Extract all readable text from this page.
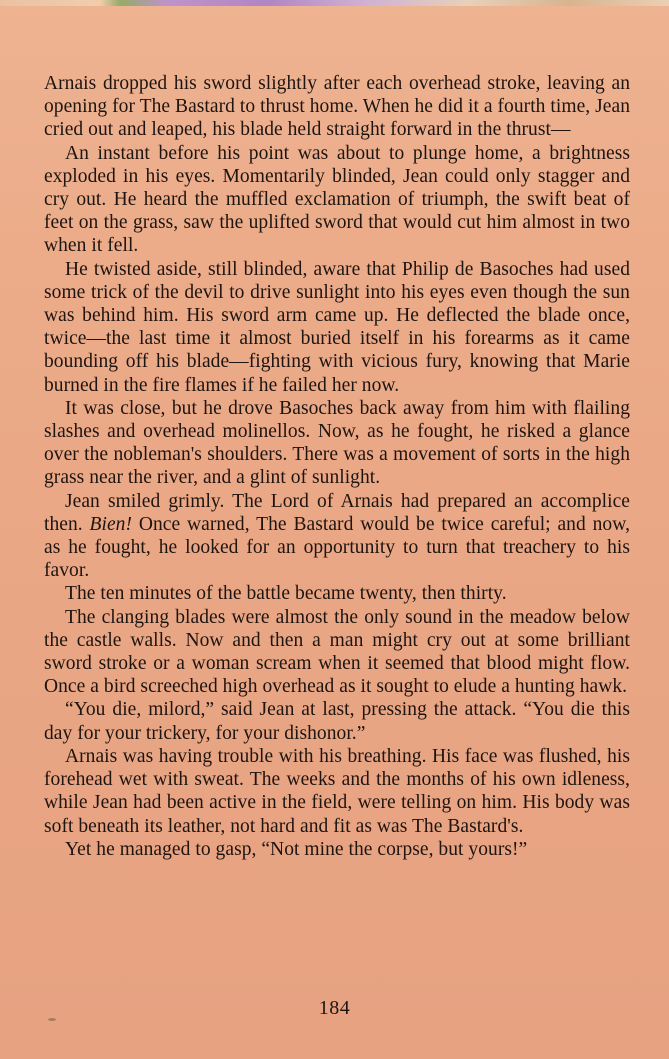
Arnais dropped his sword slightly after each overhead stroke, leaving an opening for The Bastard to thrust home. When he did it a fourth time, Jean cried out and leaped, his blade held straight forward in the thrust—

An instant before his point was about to plunge home, a brightness exploded in his eyes. Momentarily blinded, Jean could only stagger and cry out. He heard the muffled exclamation of triumph, the swift beat of feet on the grass, saw the uplifted sword that would cut him almost in two when it fell.

He twisted aside, still blinded, aware that Philip de Basoches had used some trick of the devil to drive sunlight into his eyes even though the sun was behind him. His sword arm came up. He deflected the blade once, twice—the last time it almost buried itself in his forearms as it came bounding off his blade—fighting with vicious fury, knowing that Marie burned in the fire flames if he failed her now.

It was close, but he drove Basoches back away from him with flailing slashes and overhead molinellos. Now, as he fought, he risked a glance over the nobleman's shoulders. There was a movement of sorts in the high grass near the river, and a glint of sunlight.

Jean smiled grimly. The Lord of Arnais had prepared an accomplice then. Bien! Once warned, The Bastard would be twice careful; and now, as he fought, he looked for an opportunity to turn that treachery to his favor.

The ten minutes of the battle became twenty, then thirty.

The clanging blades were almost the only sound in the meadow below the castle walls. Now and then a man might cry out at some brilliant sword stroke or a woman scream when it seemed that blood might flow. Once a bird screeched high overhead as it sought to elude a hunting hawk.

“You die, milord,” said Jean at last, pressing the attack. “You die this day for your trickery, for your dishonor.”

Arnais was having trouble with his breathing. His face was flushed, his forehead wet with sweat. The weeks and the months of his own idleness, while Jean had been active in the field, were telling on him. His body was soft beneath its leather, not hard and fit as was The Bastard's.

Yet he managed to gasp, “Not mine the corpse, but yours!”

184
